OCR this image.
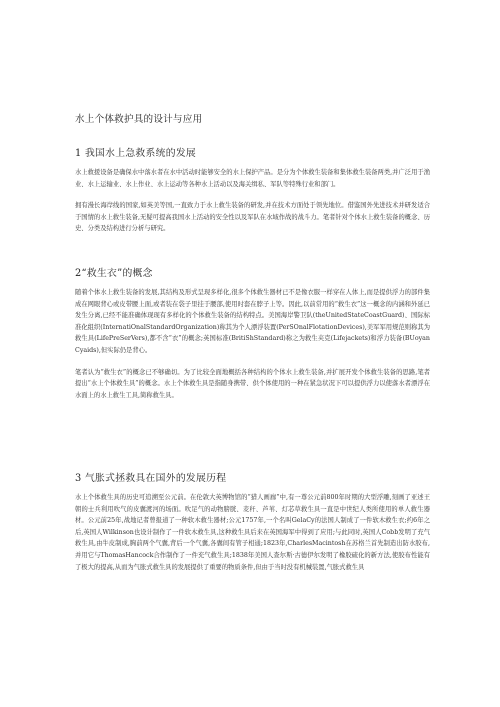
水上个体救护具的设计与应用
1 我国水上急救系统的发展

水上救援设备是确保水中落水者在水中活动时能够安全的水上保护产品。是分为个体救生装备和集体救生装备两类,并广泛用于渔业、水上运输业、水上作业、水上运动等各种水上活动以及海关缉私、军队等特殊行业和部门。

拥有漫长海岸线的国家,如英美等国,一直致力于水上救生装备的研发,并在技术方面处于领先地位。借鉴国外先进技术并研发适合于国情的水上救生装备,无疑可提高我国水上活动的安全性以及军队在水域作战的战斗力。笔者针对个体水上救生装备的概念、历史、分类及结构进行分析与研究。

2“救生衣”的概念

随着个体水上救生装备的发展,其结构及形式呈现多样化,很多个体救生器材已不是像衣服一样穿在人体上,而是提供浮力的部件集成在网眼背心或皮带腰上面,或者装在袋子里挂于腰部,使用时套在脖子上等。因此,以前常用的“救生衣”这一概念的内涵和外延已发生分离,已经不能准确体现现有多样化的个体救生装备的结构特点。美国海岸警卫队(theUnitedStateCoastGuard)、国际标准化组织(InternatiOnalStandardOrganization)称其为个人漂浮装置(PerSOnalFlotationDevices),美军军用规范则称其为救生具(LifePreSerVers),都不含“衣”的概念;英国标准(BritiShStandard)称之为救生夹克(Lifejackets)和浮力装备(BUoyanCyaids),但实际仍是背心。

笔者认为“救生衣”的概念已不够确切。为了比较全面地概括各种结构的个体水上救生装备,并扩展开发个体救生装备的思路,笔者提出“水上个体救生具”的概念。水上个体救生具是指随身携带、供个体使用的一种在紧急状况下可以提供浮力以使落水者漂浮在水面上的水上救生工具,简称救生具。

3 气胀式拯救具在国外的发展历程

水上个体救生具的历史可追溯至公元前。在伦敦大英博物馆的“猎人画廊”中,有一尊公元前800年时期的大型浮雕,刻画了亚述王朝的士兵利用吹气的皮囊渡河的场面。吹足气的动物膀胱、麦秆、芦苇、灯芯草救生具一直是中世纪人类所使用的单人救生器材。公元前25年,战地记者曾报道了一种软木救生器材;公元1757年,一个名叫GelaCy的法国人制成了一件软木救生衣;约6年之后,英国人Wilkinson也设计制作了一件软木救生具,这种救生具后来在英国海军中得到了应用;与此同时,英国人Cobb发明了充气救生具,由牛皮制成,胸前两个气囊,背后一个气囊,各囊间有管子相通;1823年,CharlesMacintosh在苏格兰首先制造出防水胶布,并用它与ThomasHancock合作制作了一件充气救生具;1838年美国人查尔斯·古德伊尔发明了橡胶硫化的新方法,使胶布性能有了极大的提高,从而为气胀式救生具的发展提供了重要的物质条件,但由于当时没有机械装置,气胀式救生具
